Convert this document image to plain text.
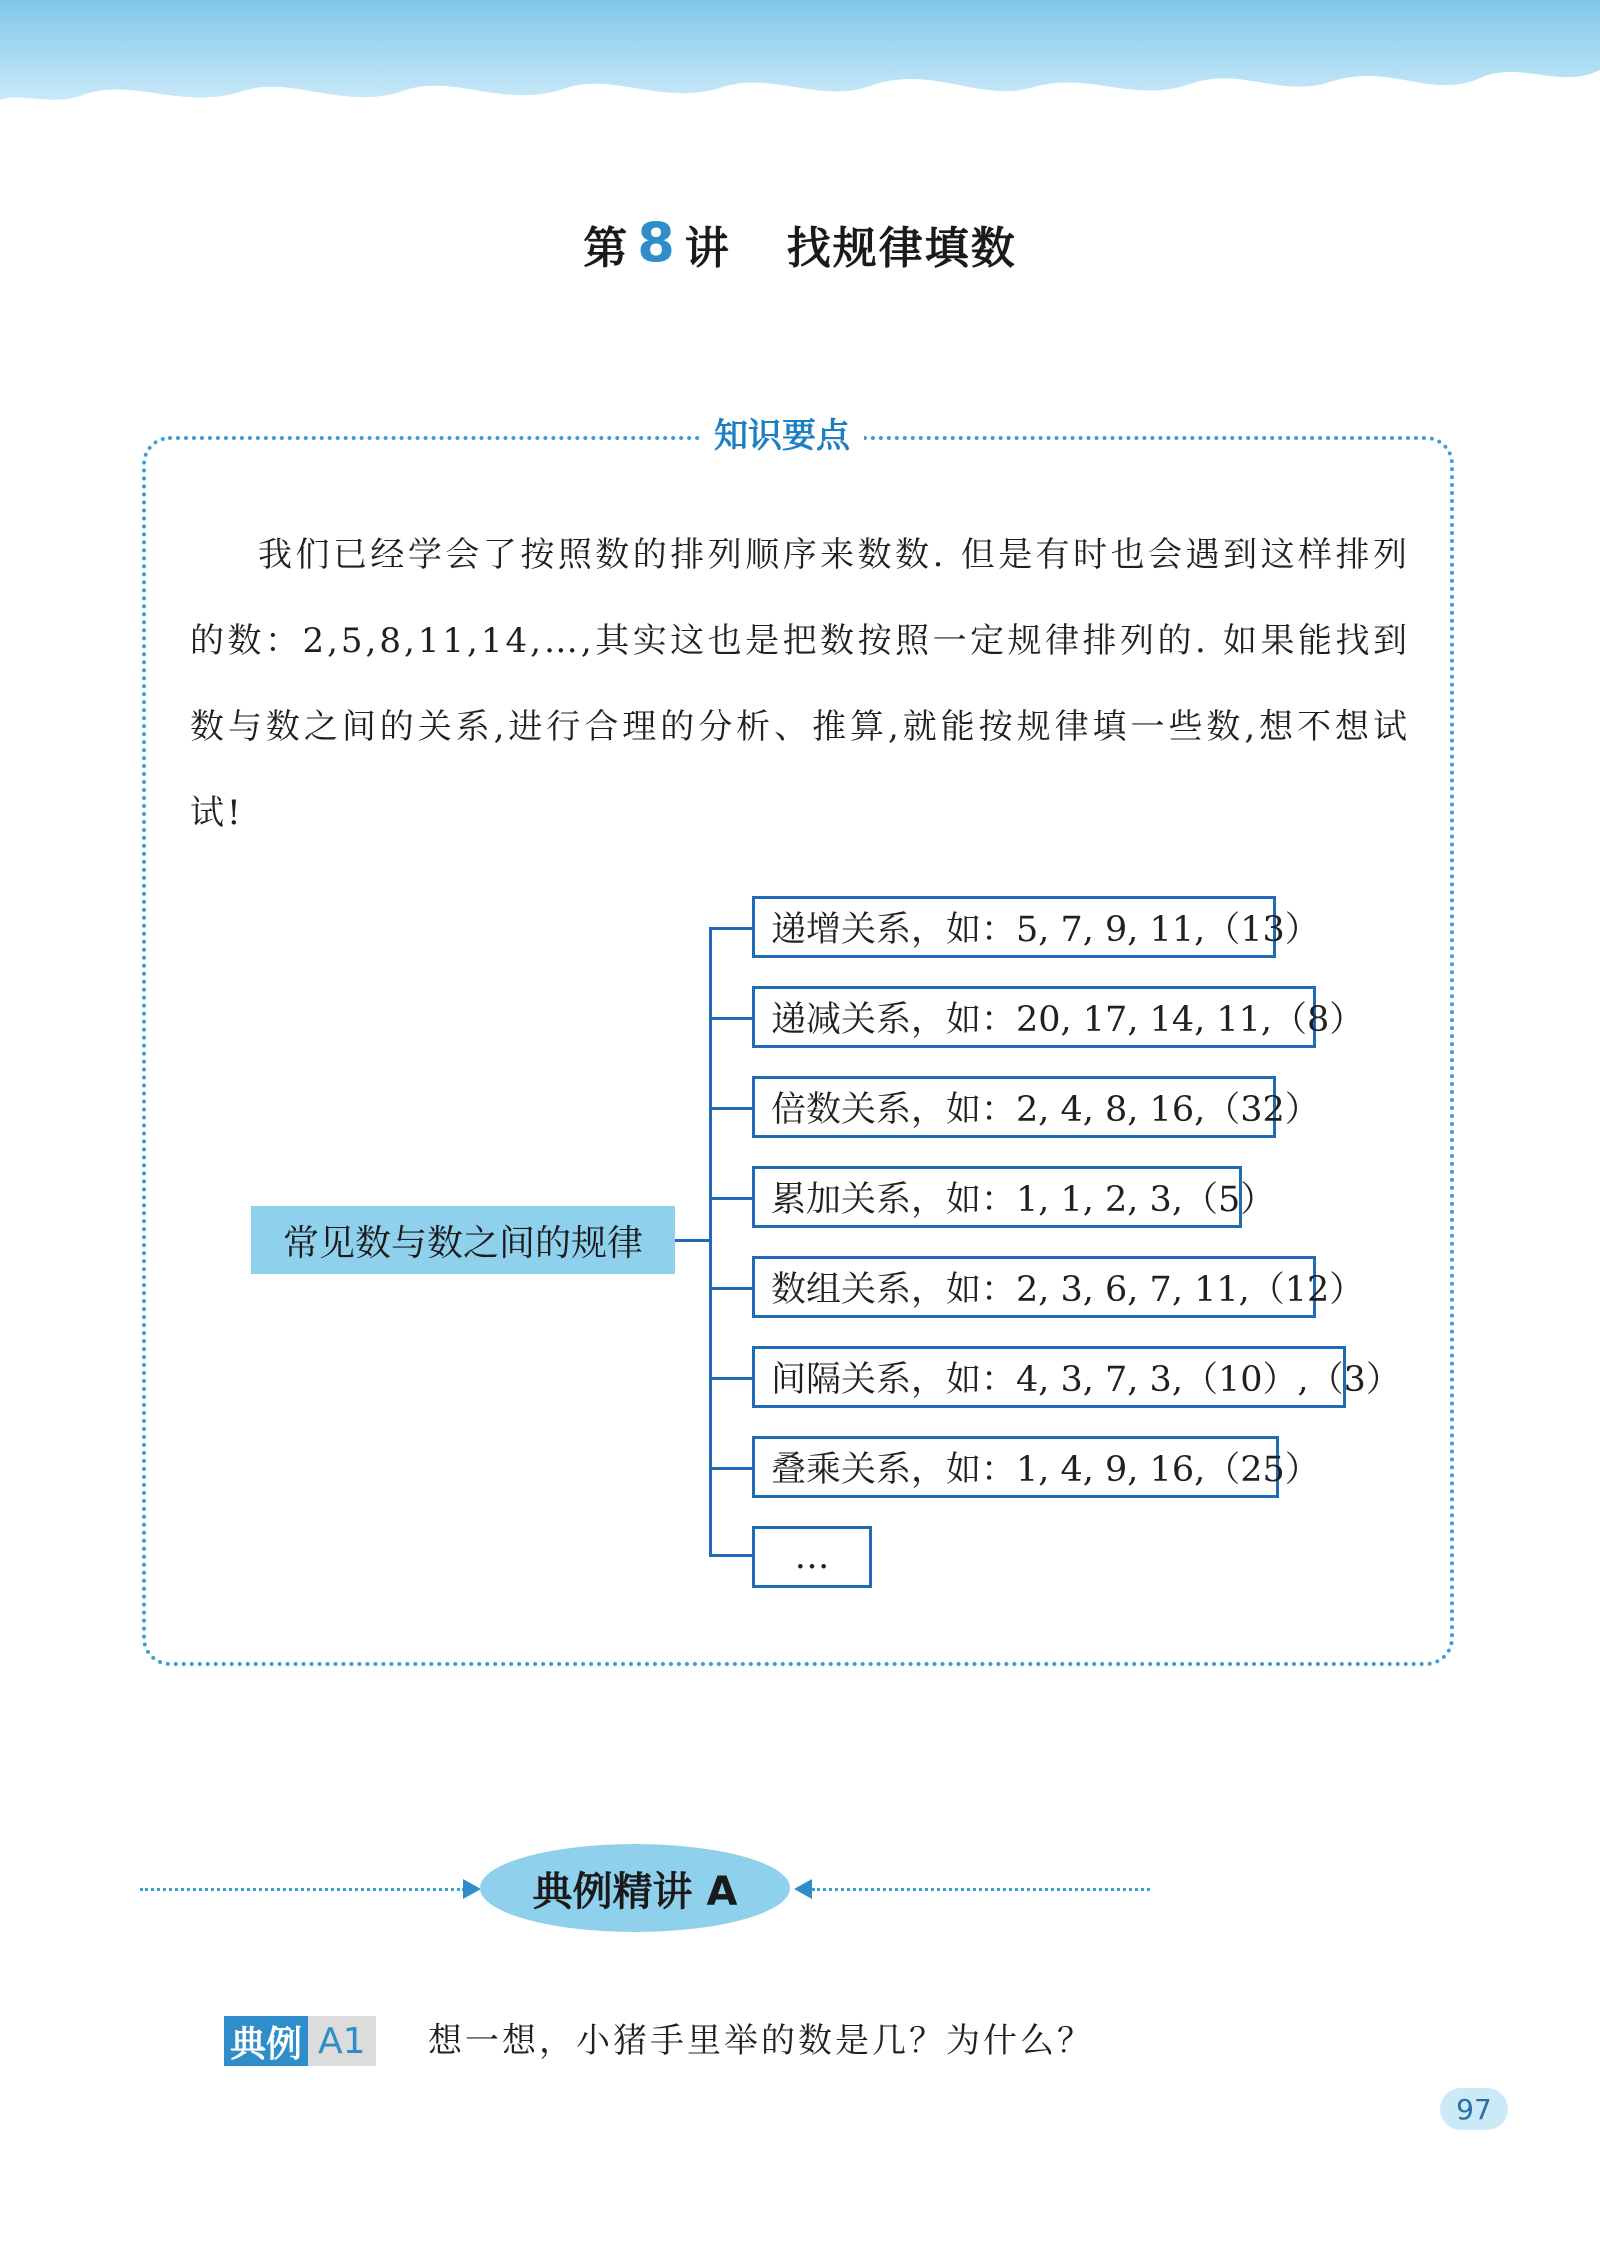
第 8 讲 找规律填数
知识要点

我们已经学会了按照数的排列顺序来数数. 但是有时也会遇到这样排列的数：2,5,8,11,14,…,其实这也是把数按照一定规律排列的. 如果能找到数与数之间的关系,进行合理的分析、推算,就能按规律填一些数,想不想试试!

常见数与数之间的规律
递增关系，如：5, 7, 9, 11,（13）
递减关系，如：20, 17, 14, 11,（8）
倍数关系，如：2, 4, 8, 16,（32）
累加关系，如：1, 1, 2, 3,（5）
数组关系，如：2, 3, 6, 7, 11,（12）
间隔关系，如：4, 3, 7, 3,（10）,（3）
叠乘关系，如：1, 4, 9, 16,（25）
…
典例精讲 A
典例 A1 想一想，小猪手里举的数是几？为什么？
97
